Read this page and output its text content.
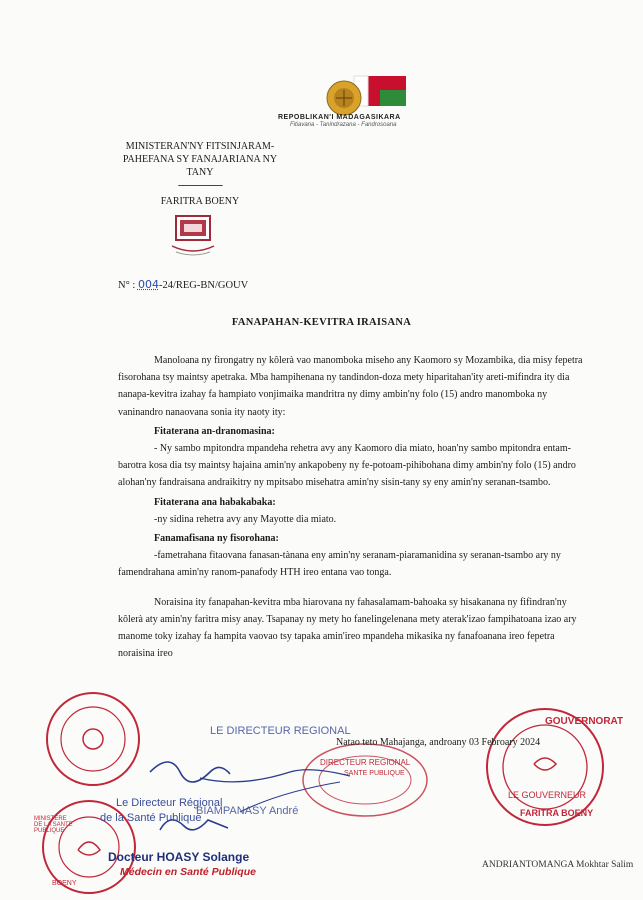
REPOBLIKAN'I MADAGASIKARA
Fitiavana - Tanindrazana - Fandrosoana
MINISTERAN'NY FITSINJARAM-
PAHEFANA SY FANAJARIANA NY
TANY
-------------------
FARITRA BOENY
N° : 004-24/REG-BN/GOUV
FANAPAHAN-KEVITRA IRAISANA

Manoloana ny firongatry ny kôlerà vao manomboka miseho any Kaomoro sy Mozambika, dia misy fepetra fisorohana tsy maintsy apetraka. Mba hampihenana ny tandindon-doza mety hiparitahan'ity areti-mifindra ity dia nanapa-kevitra izahay fa hampiato vonjimaika mandritra ny dimy ambin'ny folo (15) andro manomboka ny vaninandro nanaovana sonia ity naoty ity:

Fitaterana an-dranomasina:

- Ny sambo mpitondra mpandeha rehetra avy any Kaomoro dia miato, hoan'ny sambo mpitondra entam-barotra kosa dia tsy maintsy hajaina amin'ny ankapobeny ny fe-potoam-pihibohana dimy ambin'ny folo (15) andro alohan'ny fandraisana andraikitry ny mpitsabo misehatra amin'ny sisin-tany sy eny amin'ny seranan-tsambo.

Fitaterana ana habakabaka:

-ny sidina rehetra avy any Mayotte dia miato.

Fanamafisana ny fisorohana:

-fametrahana fitaovana fanasan-tànana eny amin'ny seranam-piaramanidina sy seranan-tsambo ary ny famendrahana amin'ny ranom-panafody HTH ireo entana vao tonga.

Noraisina ity fanapahan-kevitra mba hiarovana ny fahasalamam-bahoaka sy hisakanana ny fifindran'ny kôlerà aty amin'ny faritra misy anay. Tsapanay ny mety ho fanelingelenana mety aterak'izao fampihatoana izao ary manome toky izahay fa hampita vaovao tsy tapaka amin'ireo mpandeha mikasika ny fanafoanana ireo fepetra noraisina ireo

GOUVERNORAT
LE GOUVERNEUR
FARITRA BOENY
BOENY
DIRECTEUR REGIONAL
SANTE PUBLIQUE
MINISTERE DE LA SANTE PUBLIQUE
LE DIRECTEUR REGIONAL
Natao teto Mahajanga, androany 03 Febroary 2024
Le Directeur Régional
de la Santé Publique
BIAMPANASY André
Docteur HOASY Solange
Médecin en Santé Publique
ANDRIANTOMANGA Mokhtar Salim
